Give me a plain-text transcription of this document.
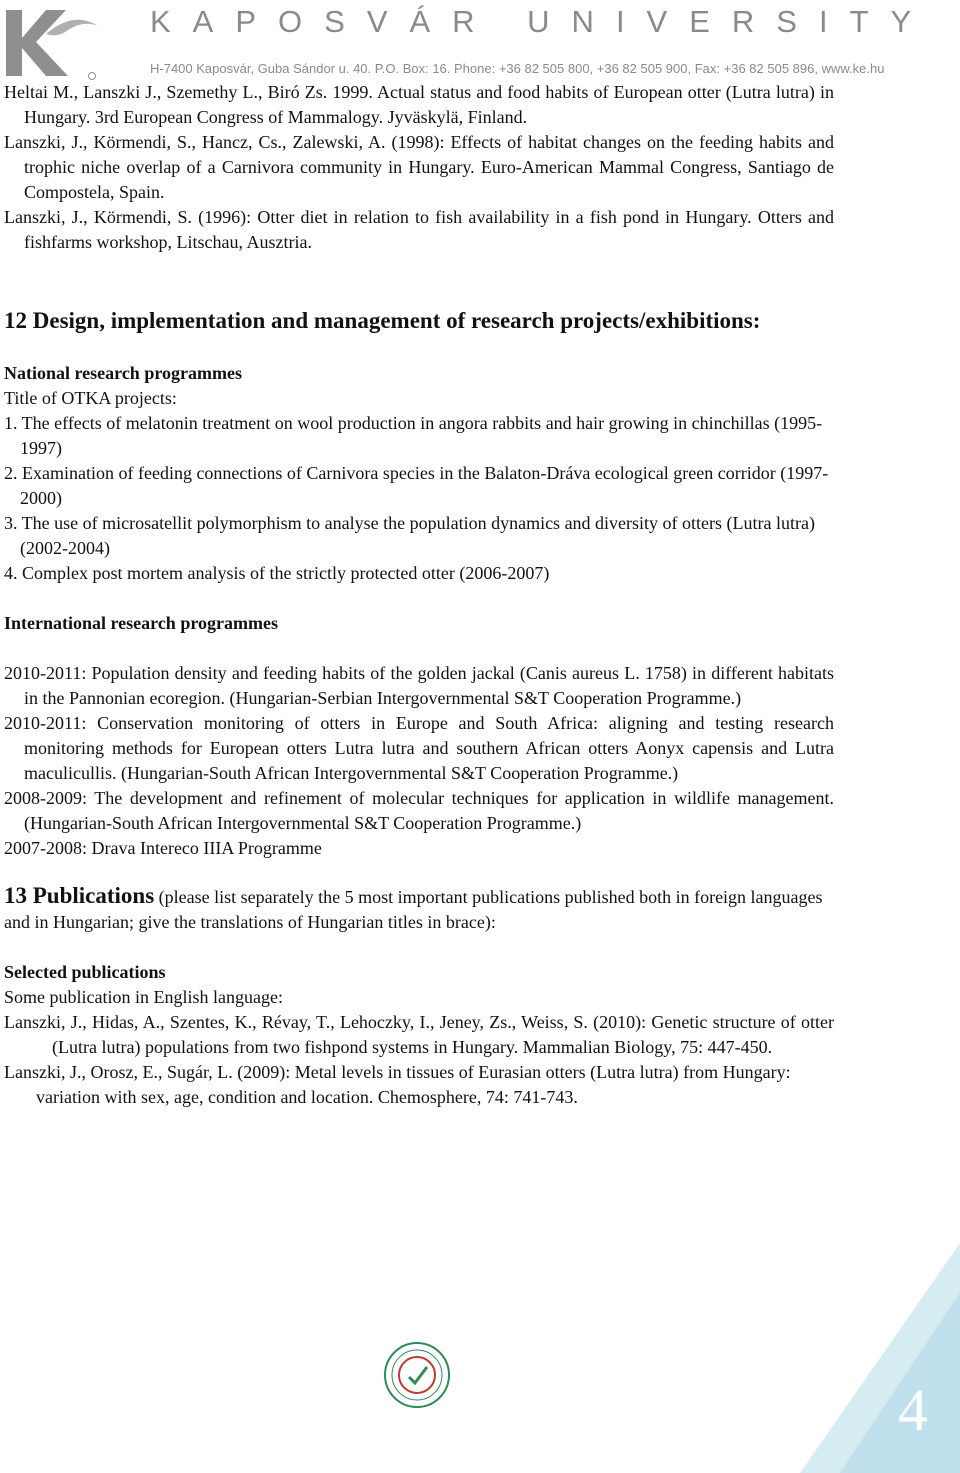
KAPOSVÁR UNIVERSITY
H-7400 Kaposvár, Guba Sándor u. 40. P.O. Box: 16. Phone: +36 82 505 800, +36 82 505 900, Fax: +36 82 505 896, www.ke.hu

Heltai M., Lanszki J., Szemethy L., Biró Zs. 1999. Actual status and food habits of European otter (Lutra lutra) in Hungary. 3rd European Congress of Mammalogy. Jyväskylä, Finland.

Lanszki, J., Körmendi, S., Hancz, Cs., Zalewski, A. (1998): Effects of habitat changes on the feeding habits and trophic niche overlap of a Carnivora community in Hungary. Euro-American Mammal Congress, Santiago de Compostela, Spain.

Lanszki, J., Körmendi, S. (1996): Otter diet in relation to fish availability in a fish pond in Hungary. Otters and fishfarms workshop, Litschau, Ausztria.

12 Design, implementation and management of research projects/exhibitions:

National research programmes

Title of OTKA projects:

1. The effects of melatonin treatment on wool production in angora rabbits and hair growing in chinchillas (1995-1997)

2. Examination of feeding connections of Carnivora species in the Balaton-Dráva ecological green corridor (1997-2000)

3. The use of microsatellit polymorphism to analyse the population dynamics and diversity of otters (Lutra lutra) (2002-2004)

4. Complex post mortem analysis of the strictly protected otter (2006-2007)

International research programmes

2010-2011: Population density and feeding habits of the golden jackal (Canis aureus L. 1758) in different habitats in the Pannonian ecoregion. (Hungarian-Serbian Intergovernmental S&T Cooperation Programme.)

2010-2011: Conservation monitoring of otters in Europe and South Africa: aligning and testing research monitoring methods for European otters Lutra lutra and southern African otters Aonyx capensis and Lutra maculicullis. (Hungarian-South African Intergovernmental S&T Cooperation Programme.)

2008-2009: The development and refinement of molecular techniques for application in wildlife management. (Hungarian-South African Intergovernmental S&T Cooperation Programme.)

2007-2008: Drava Intereco IIIA Programme

13 Publications (please list separately the 5 most important publications published both in foreign languages and in Hungarian; give the translations of Hungarian titles in brace):

Selected publications

Some publication in English language:

Lanszki, J., Hidas, A., Szentes, K., Révay, T., Lehoczky, I., Jeney, Zs., Weiss, S. (2010): Genetic structure of otter (Lutra lutra) populations from two fishpond systems in Hungary. Mammalian Biology, 75: 447-450.

Lanszki, J., Orosz, E., Sugár, L. (2009): Metal levels in tissues of Eurasian otters (Lutra lutra) from Hungary: variation with sex, age, condition and location. Chemosphere, 74: 741-743.

4
